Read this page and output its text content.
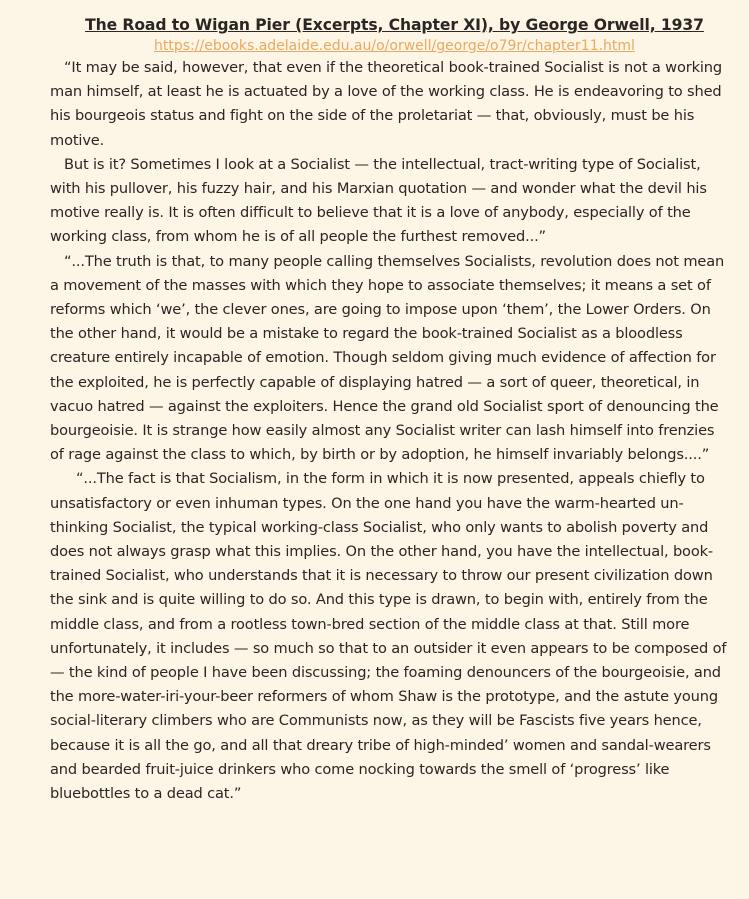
The Road to Wigan Pier (Excerpts, Chapter XI), by George Orwell, 1937
https://ebooks.adelaide.edu.au/o/orwell/george/o79r/chapter11.html

“It may be said, however, that even if the theoretical book-trained Socialist is not a working man himself, at least he is actuated by a love of the working class. He is endeavoring to shed his bourgeois status and fight on the side of the proletariat — that, obviously, must be his motive.

But is it? Sometimes I look at a Socialist — the intellectual, tract-writing type of Socialist, with his pullover, his fuzzy hair, and his Marxian quotation — and wonder what the devil his motive really is. It is often difficult to believe that it is a love of anybody, especially of the working class, from whom he is of all people the furthest removed...”

“...The truth is that, to many people calling themselves Socialists, revolution does not mean a movement of the masses with which they hope to associate themselves; it means a set of reforms which ‘we’, the clever ones, are going to impose upon ‘them’, the Lower Orders. On the other hand, it would be a mistake to regard the book-trained Socialist as a bloodless creature entirely incapable of emotion. Though seldom giving much evidence of affection for the exploited, he is perfectly capable of displaying hatred — a sort of queer, theoretical, in vacuo hatred — against the exploiters. Hence the grand old Socialist sport of denouncing the bourgeoisie. It is strange how easily almost any Socialist writer can lash himself into frenzies of rage against the class to which, by birth or by adoption, he himself invariably belongs....”

“...The fact is that Socialism, in the form in which it is now presented, appeals chiefly to unsatisfactory or even inhuman types. On the one hand you have the warm-hearted un-thinking Socialist, the typical working-class Socialist, who only wants to abolish poverty and does not always grasp what this implies. On the other hand, you have the intellectual, book-trained Socialist, who understands that it is necessary to throw our present civilization down the sink and is quite willing to do so. And this type is drawn, to begin with, entirely from the middle class, and from a rootless town-bred section of the middle class at that. Still more unfortunately, it includes — so much so that to an outsider it even appears to be composed of — the kind of people I have been discussing; the foaming denouncers of the bourgeoisie, and the more-water-iri-your-beer reformers of whom Shaw is the prototype, and the astute young social-literary climbers who are Communists now, as they will be Fascists five years hence, because it is all the go, and all that dreary tribe of high-minded’ women and sandal-wearers and bearded fruit-juice drinkers who come nocking towards the smell of ‘progress’ like bluebottles to a dead cat.”
